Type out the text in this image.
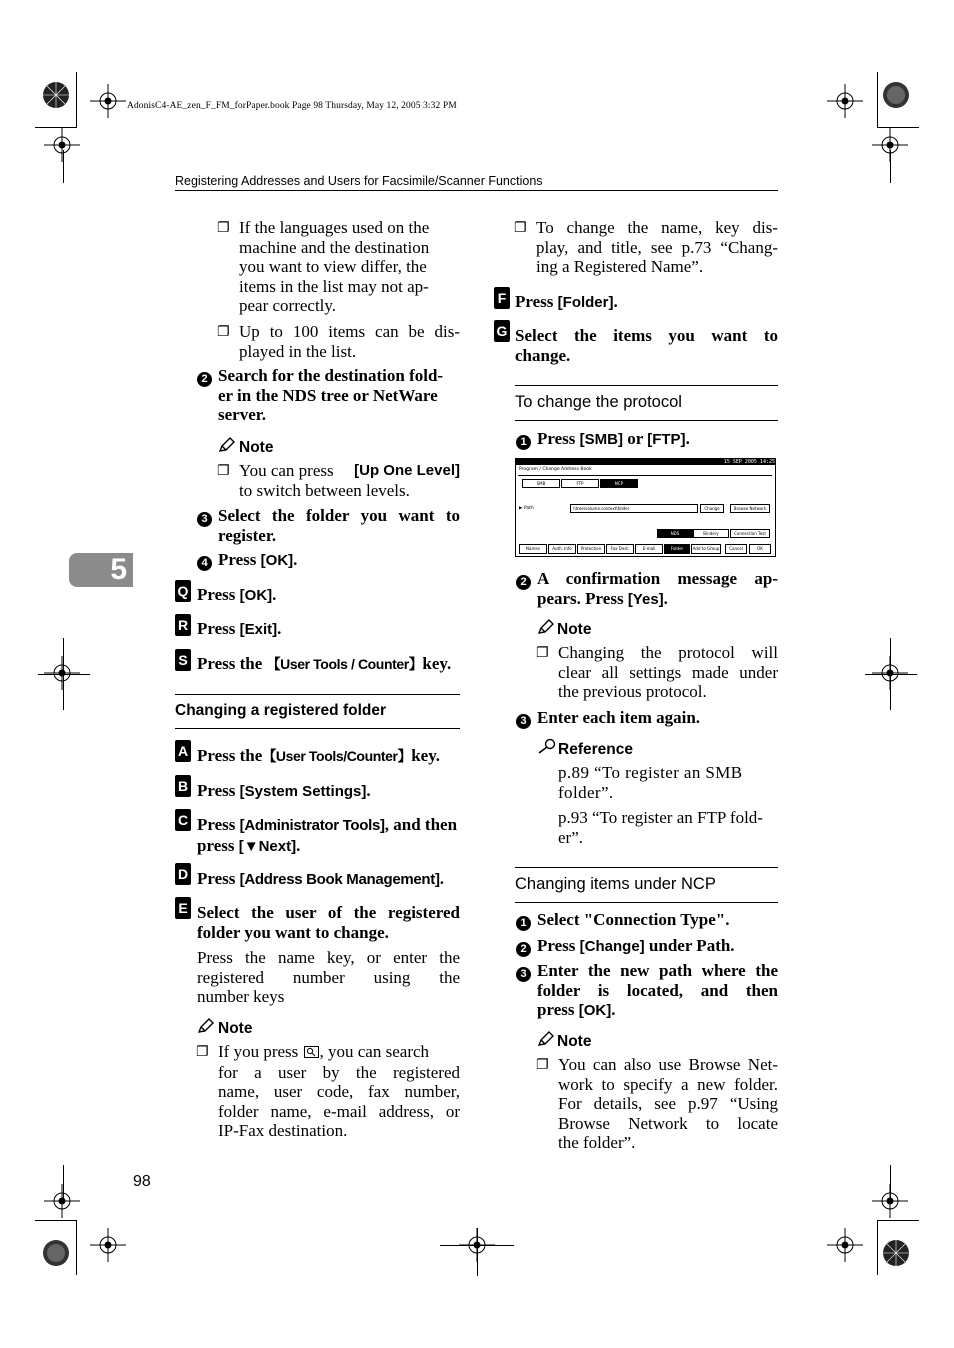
AdonisC4-AE_zen_F_FM_forPaper.book Page 98 Thursday, May 12, 2005 3:32 PM
Registering Addresses and Users for Facsimile/Scanner Functions
5
❐ If the languages used on the
machine and the destination
you want to view differ, the
items in the list may not ap-
pear correctly.
❐ Up to 100 items can be dis-
played in the list.
2 Search for the destination fold-
er in the NDS tree or NetWare
server.
Note
❐ You can press [Up One Level]
to switch between levels.
3 Select the folder you want to
register.
4 Press [OK].
Q Press [OK].
R Press [Exit].
S Press the 【User Tools / Counter】key.
Changing a registered folder
A Press the【User Tools/Counter】key.
B Press [System Settings].
C Press [Administrator Tools], and then
press [▼Next].
D Press [Address Book Management].
E Select the user of the registered
folder you want to change.
Press the name key, or enter the
registered number using the
number keys
Note
❐ If you press , you can search
for a user by the registered
name, user code, fax number,
folder name, e-mail address, or
IP-Fax destination.
❐ To change the name, key dis-
play, and title, see p.73 “Chang-
ing a Registered Name”.
F Press [Folder].
G Select the items you want to
change.
To change the protocol
1 Press [SMB] or [FTP].
15 SEP 2005 14:25
Program / Change Address Book
SMB	FTP	NCP
▶ Path	\\tree\volume.context\folder	Change	Browse Network
NDS	Bindery	Connection Test
Names	Auth. Info	Protection	Fax Dest.	E-mail	Folder	Add to Group	Cancel	OK
2 A confirmation message ap-
pears. Press [Yes].
Note
❐ Changing the protocol will
clear all settings made under
the previous protocol.
3 Enter each item again.
Reference
p.89 “To register an SMB
folder”.
p.93 “To register an FTP fold-
er”.
Changing items under NCP
1 Select "Connection Type".
2 Press [Change] under Path.
3 Enter the new path where the
folder is located, and then
press [OK].
Note
❐ You can also use Browse Net-
work to specify a new folder.
For details, see p.97 “Using
Browse Network to locate
the folder”.
98
